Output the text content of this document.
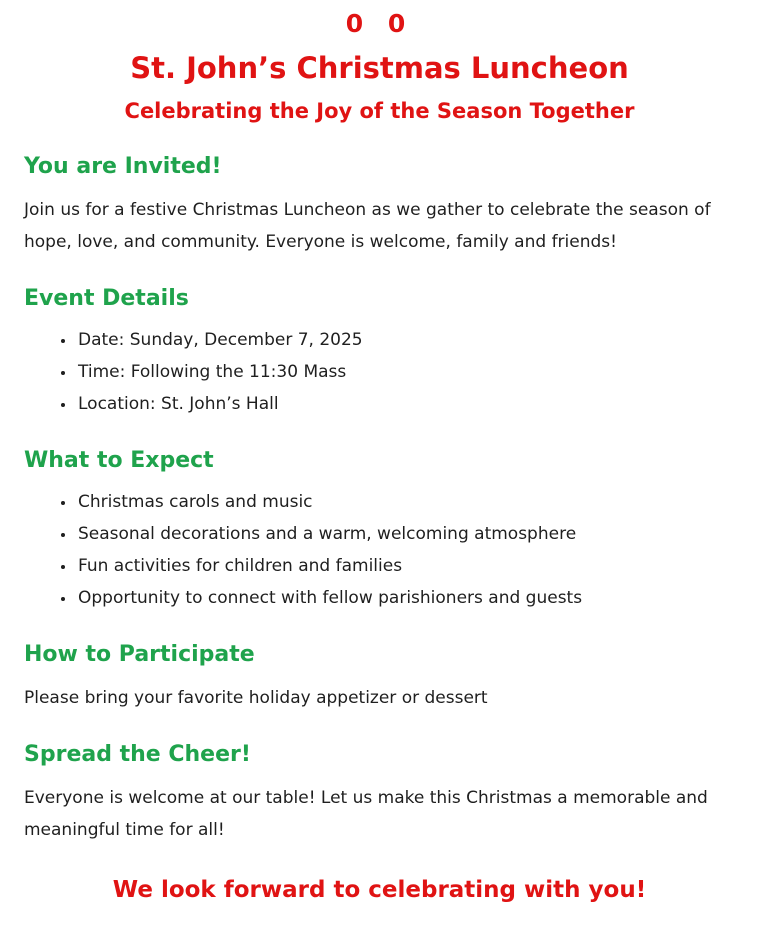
0 0
St. John’s Christmas Luncheon
Celebrating the Joy of the Season Together
You are Invited!

Join us for a festive Christmas Luncheon as we gather to celebrate the season of hope, love, and community. Everyone is welcome, family and friends!

Event Details
• Date: Sunday, December 7, 2025
• Time: Following the 11:30 Mass
• Location: St. John’s Hall
What to Expect
• Christmas carols and music
• Seasonal decorations and a warm, welcoming atmosphere
• Fun activities for children and families
• Opportunity to connect with fellow parishioners and guests
How to Participate

Please bring your favorite holiday appetizer or dessert

Spread the Cheer!

Everyone is welcome at our table! Let us make this Christmas a memorable and meaningful time for all!

We look forward to celebrating with you!
